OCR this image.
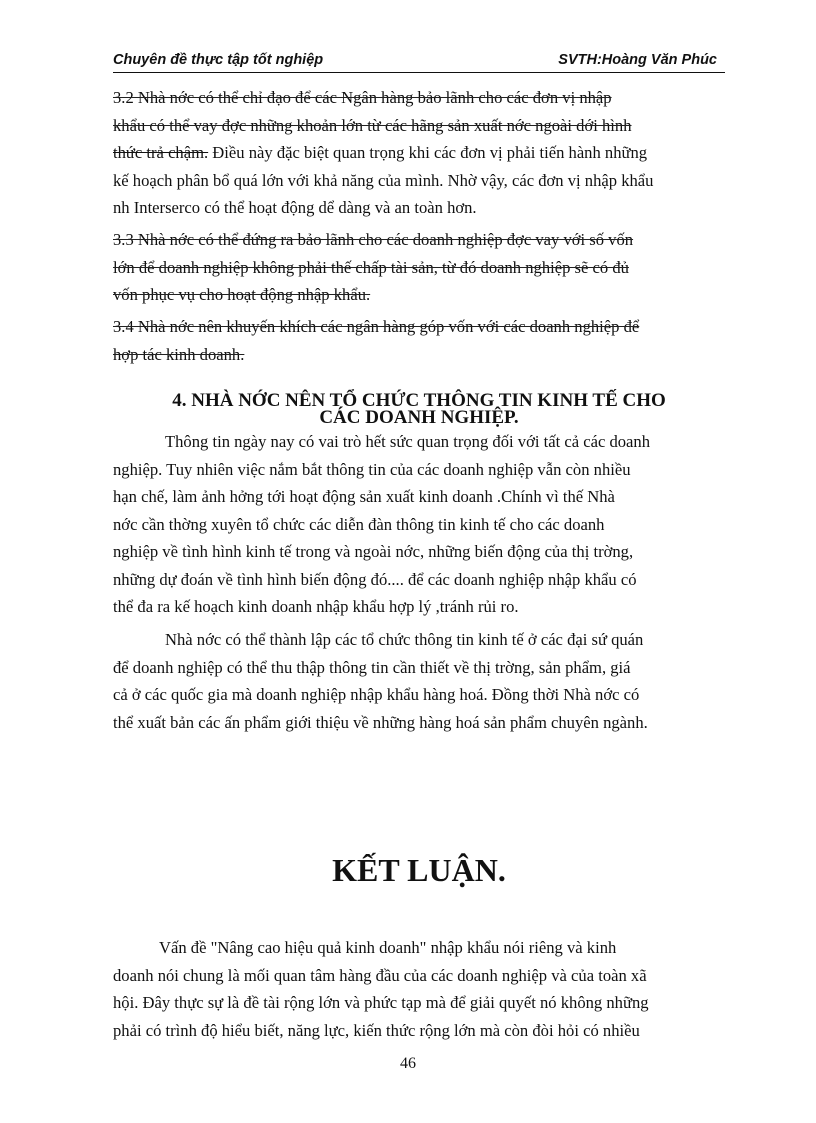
Chuyên đề thực tập tốt nghiệp	SVTH:Hoàng Văn Phúc
3.2 Nhà nớc có thể chỉ đạo để các Ngân hàng bảo lãnh cho các đơn vị nhập
khẩu có thể vay đợc những khoản lớn từ các hãng sản xuất nớc ngoài dới hình
thức trả chậm. Điều này đặc biệt quan trọng khi các đơn vị phải tiến hành những
kế hoạch phân bổ quá lớn với khả năng của mình. Nhờ vậy, các đơn vị nhập khẩu
nh Interserco có thể hoạt động dể dàng và an toàn hơn.
3.3 Nhà nớc có thể đứng ra bảo lãnh cho các doanh nghiệp đợc vay với số vốn
lớn để doanh nghiệp không phải thế chấp tài sản, từ đó doanh nghiệp sẽ có đủ
vốn phục vụ cho hoạt động nhập khẩu.
3.4 Nhà nớc nên khuyến khích các ngân hàng góp vốn với các doanh nghiệp để
hợp tác kinh doanh.
4. NHÀ NỚC NÊN TỔ CHỨC THÔNG TIN KINH TẾ CHO
CÁC DOANH NGHIỆP.
Thông tin ngày nay có vai trò hết sức quan trọng đối với tất cả các doanh
nghiệp. Tuy nhiên việc nắm bắt thông tin của các doanh nghiệp vẫn còn nhiều
hạn chế, làm ảnh hởng tới hoạt động sản xuất kinh doanh .Chính vì thế Nhà
nớc cần thờng xuyên tổ chức các diễn đàn thông tin kinh tế cho các doanh
nghiệp về tình hình kinh tế trong và ngoài nớc, những biến động của thị trờng,
những dự đoán về tình hình biến động đó.... để các doanh nghiệp nhập khẩu có
thể đa ra kế hoạch kinh doanh nhập khẩu hợp lý ,tránh rủi ro.
Nhà nớc có thể thành lập các tổ chức thông tin kinh tế ở các đại sứ quán
để doanh nghiệp có thể thu thập thông tin cần thiết về thị trờng, sản phẩm, giá
cả ở các quốc gia mà doanh nghiệp nhập khẩu hàng hoá. Đồng thời Nhà nớc có
thể xuất bản các ấn phẩm giới thiệu về những hàng hoá sản phẩm chuyên ngành.
KẾT LUẬN.
Vấn đề "Nâng cao hiệu quả kinh doanh" nhập khẩu nói riêng và kinh
doanh nói chung là mối quan tâm hàng đầu của các doanh nghiệp và của toàn xã
hội. Đây thực sự là đề tài rộng lớn và phức tạp mà để giải quyết nó không những
phải có trình độ hiểu biết, năng lực, kiến thức rộng lớn mà còn đòi hỏi có nhiều
46
